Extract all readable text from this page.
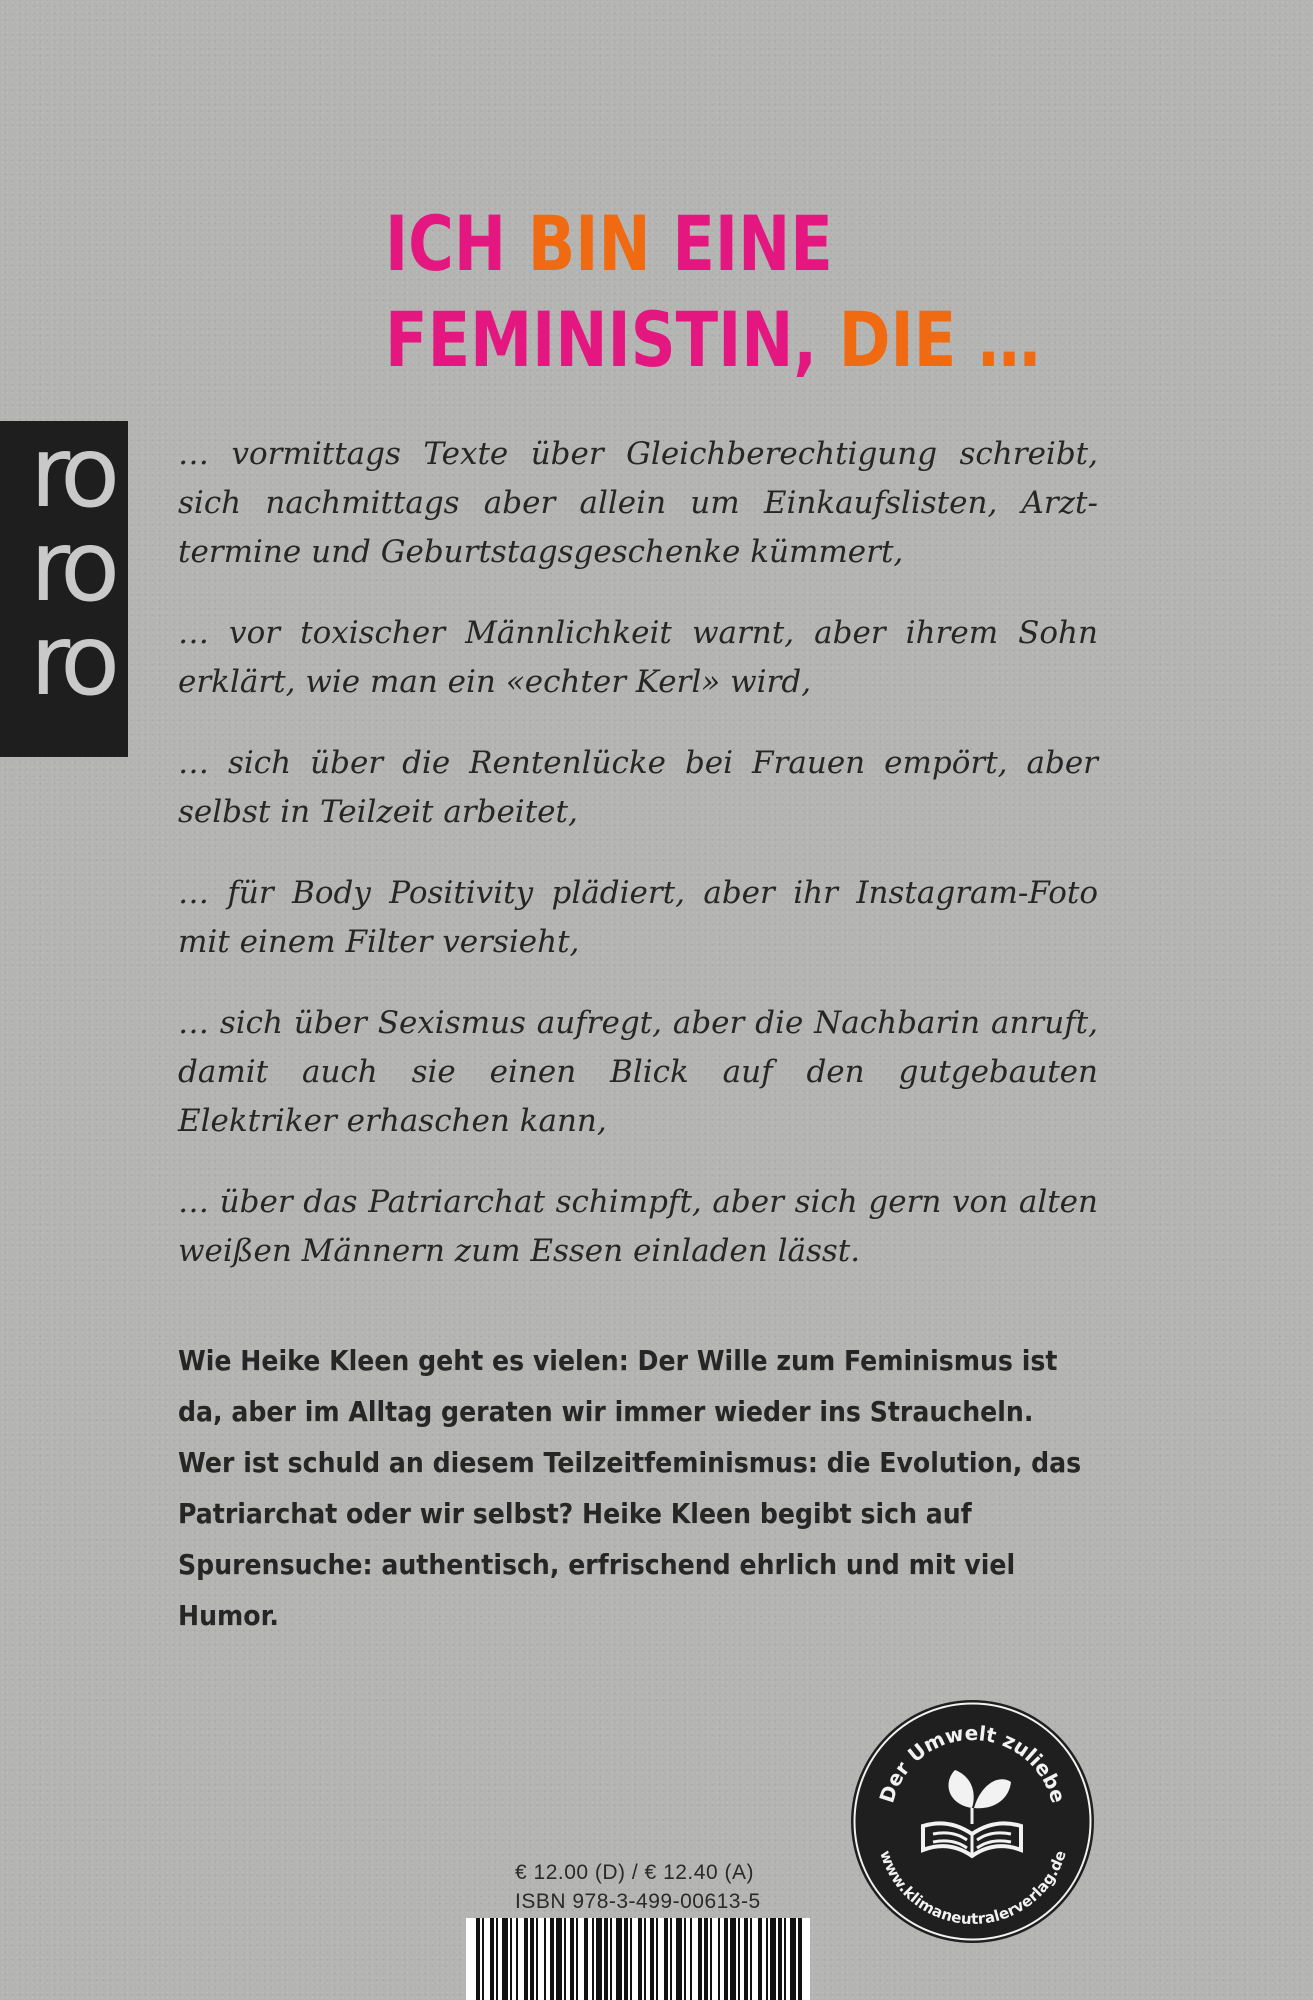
ICH BIN EINE
FEMINISTIN, DIE …
ro
ro
ro

… vormittags Texte über Gleichberechtigung schreibt, sich nachmittags aber allein um Einkaufslisten, Arzttermine und Geburtstagsgeschenke kümmert,

… vor toxischer Männlichkeit warnt, aber ihrem Sohn erklärt, wie man ein «echter Kerl» wird,

… sich über die Rentenlücke bei Frauen empört, aber selbst in Teilzeit arbeitet,

… für Body Positivity plädiert, aber ihr Instagram-Foto mit einem Filter versieht,

… sich über Sexismus aufregt, aber die Nachbarin anruft, damit auch sie einen Blick auf den gutgebauten Elektriker erhaschen kann,

… über das Patriarchat schimpft, aber sich gern von alten weißen Männern zum Essen einladen lässt.

Wie Heike Kleen geht es vielen: Der Wille zum Feminismus ist da, aber im Alltag geraten wir immer wieder ins Straucheln. Wer ist schuld an diesem Teilzeitfeminismus: die Evolution, das Patriarchat oder wir selbst? Heike Kleen begibt sich auf Spurensuche: authentisch, erfrischend ehrlich und mit viel Humor.

Der Umwelt zuliebe
www.klimaneutralerverlag.de
€ 12.00 (D) / € 12.40 (A)
ISBN 978-3-499-00613-5
